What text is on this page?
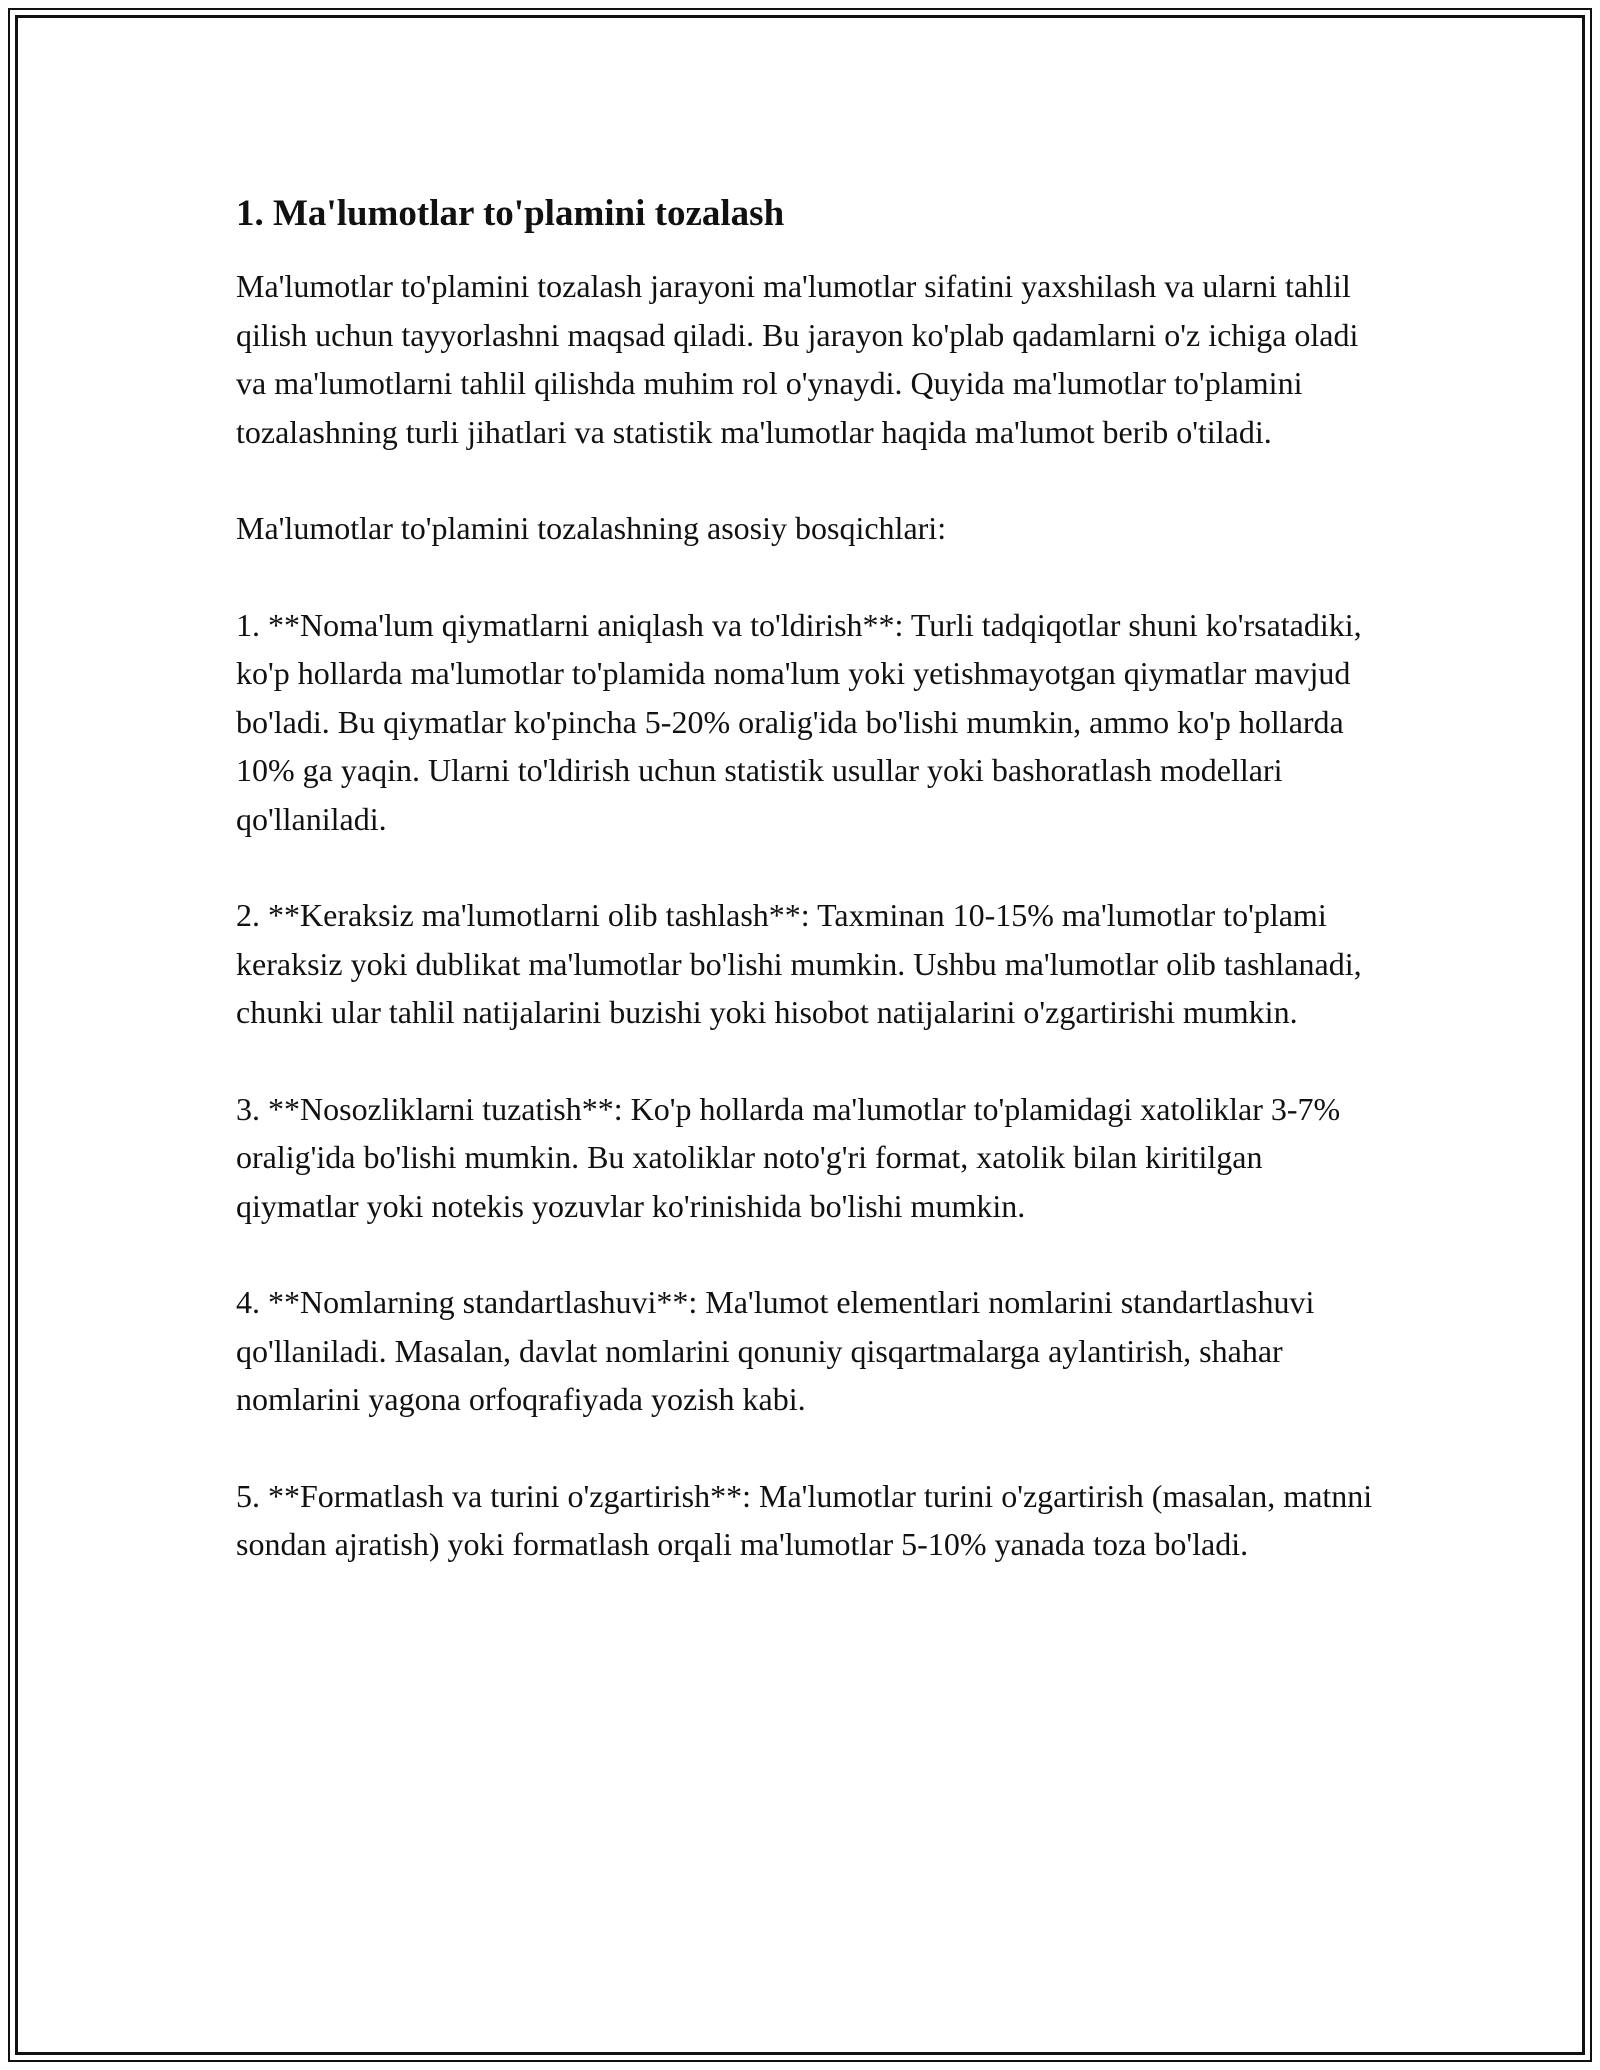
1. Ma'lumotlar to'plamini tozalash

Ma'lumotlar to'plamini tozalash jarayoni ma'lumotlar sifatini yaxshilash va ularni tahlil qilish uchun tayyorlashni maqsad qiladi. Bu jarayon ko'plab qadamlarni o'z ichiga oladi va ma'lumotlarni tahlil qilishda muhim rol o'ynaydi. Quyida ma'lumotlar to'plamini tozalashning turli jihatlari va statistik ma'lumotlar haqida ma'lumot berib o'tiladi.

Ma'lumotlar to'plamini tozalashning asosiy bosqichlari:

1. **Noma'lum qiymatlarni aniqlash va to'ldirish**: Turli tadqiqotlar shuni ko'rsatadiki, ko'p hollarda ma'lumotlar to'plamida noma'lum yoki yetishmayotgan qiymatlar mavjud bo'ladi. Bu qiymatlar ko'pincha 5-20% oralig'ida bo'lishi mumkin, ammo ko'p hollarda 10% ga yaqin. Ularni to'ldirish uchun statistik usullar yoki bashoratlash modellari qo'llaniladi.

2. **Keraksiz ma'lumotlarni olib tashlash**: Taxminan 10-15% ma'lumotlar to'plami keraksiz yoki dublikat ma'lumotlar bo'lishi mumkin. Ushbu ma'lumotlar olib tashlanadi, chunki ular tahlil natijalarini buzishi yoki hisobot natijalarini o'zgartirishi mumkin.

3. **Nosozliklarni tuzatish**: Ko'p hollarda ma'lumotlar to'plamidagi xatoliklar 3-7% oralig'ida bo'lishi mumkin. Bu xatoliklar noto'g'ri format, xatolik bilan kiritilgan qiymatlar yoki notekis yozuvlar ko'rinishida bo'lishi mumkin.

4. **Nomlarning standartlashuvi**: Ma'lumot elementlari nomlarini standartlashuvi qo'llaniladi. Masalan, davlat nomlarini qonuniy qisqartmalarga aylantirish, shahar nomlarini yagona orfoqrafiyada yozish kabi.

5. **Formatlash va turini o'zgartirish**: Ma'lumotlar turini o'zgartirish (masalan, matnni sondan ajratish) yoki formatlash orqali ma'lumotlar 5-10% yanada toza bo'ladi.
